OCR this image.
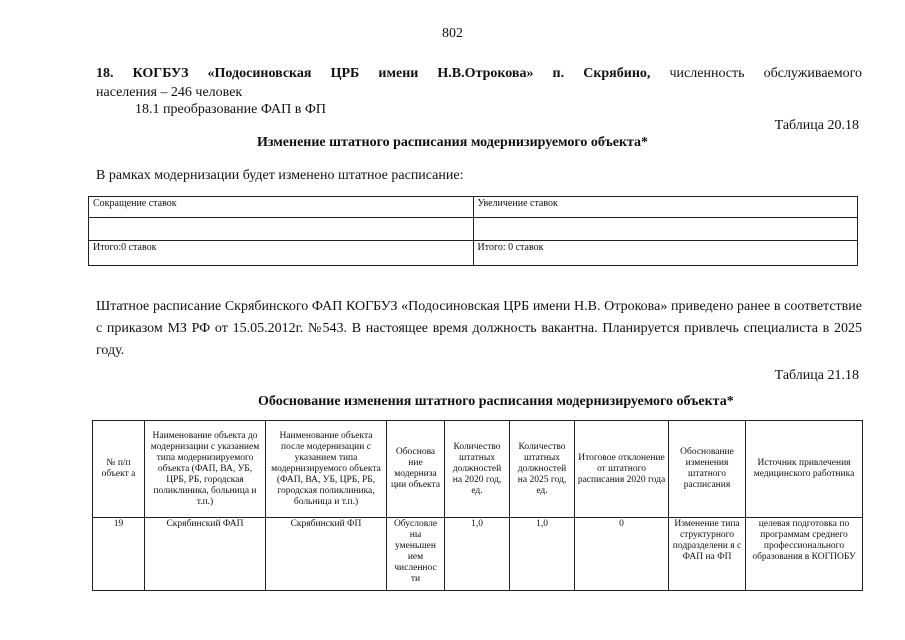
802
18. КОГБУЗ «Подосиновская ЦРБ имени Н.В.Отрокова» п. Скрябино, численность обслуживаемого
населения – 246 человек
18.1 преобразование ФАП в ФП
Таблица 20.18
Изменение штатного расписания модернизируемого объекта*
В рамках модернизации будет изменено штатное расписание:
Сокращение ставок	Увеличение ставок

Итого:0 ставок	Итого: 0 ставок
Штатное расписание Скрябинского ФАП КОГБУЗ «Подосиновская ЦРБ имени Н.В. Отрокова» приведено ранее в соответствие с приказом МЗ РФ от 15.05.2012г. №543. В настоящее время должность вакантна. Планируется привлечь специалиста в 2025 году.
Таблица 21.18
Обоснование изменения штатного расписания модернизируемого объекта*
№ п/п объект а	Наименование объекта до модернизации с указанием типа модернизируемого объекта (ФАП, ВА, УБ, ЦРБ, РБ, городская поликлиника, больница и т.п.)	Наименование объекта после модернизации с указанием типа модернизируемого объекта (ФАП, ВА, УБ, ЦРБ, РБ, городская поликлиника, больница и т.п.)	Обоснова ние модерниза ции объекта	Количество штатных должностей на 2020 год, ед.	Количество штатных должностей на 2025 год, ед.	Итоговое отклонение от штатного расписания 2020 года	Обоснование изменения штатного расписания	Источник привлечения медицинского работника
19	Скрябинский ФАП	Скрябинский ФП	Обусловле ны уменьшен ием численнос ти	1,0	1,0	0	Изменение типа структурного подразделени я с ФАП на ФП	целевая подготовка по программам среднего профессионального образования в КОГПОБУ
